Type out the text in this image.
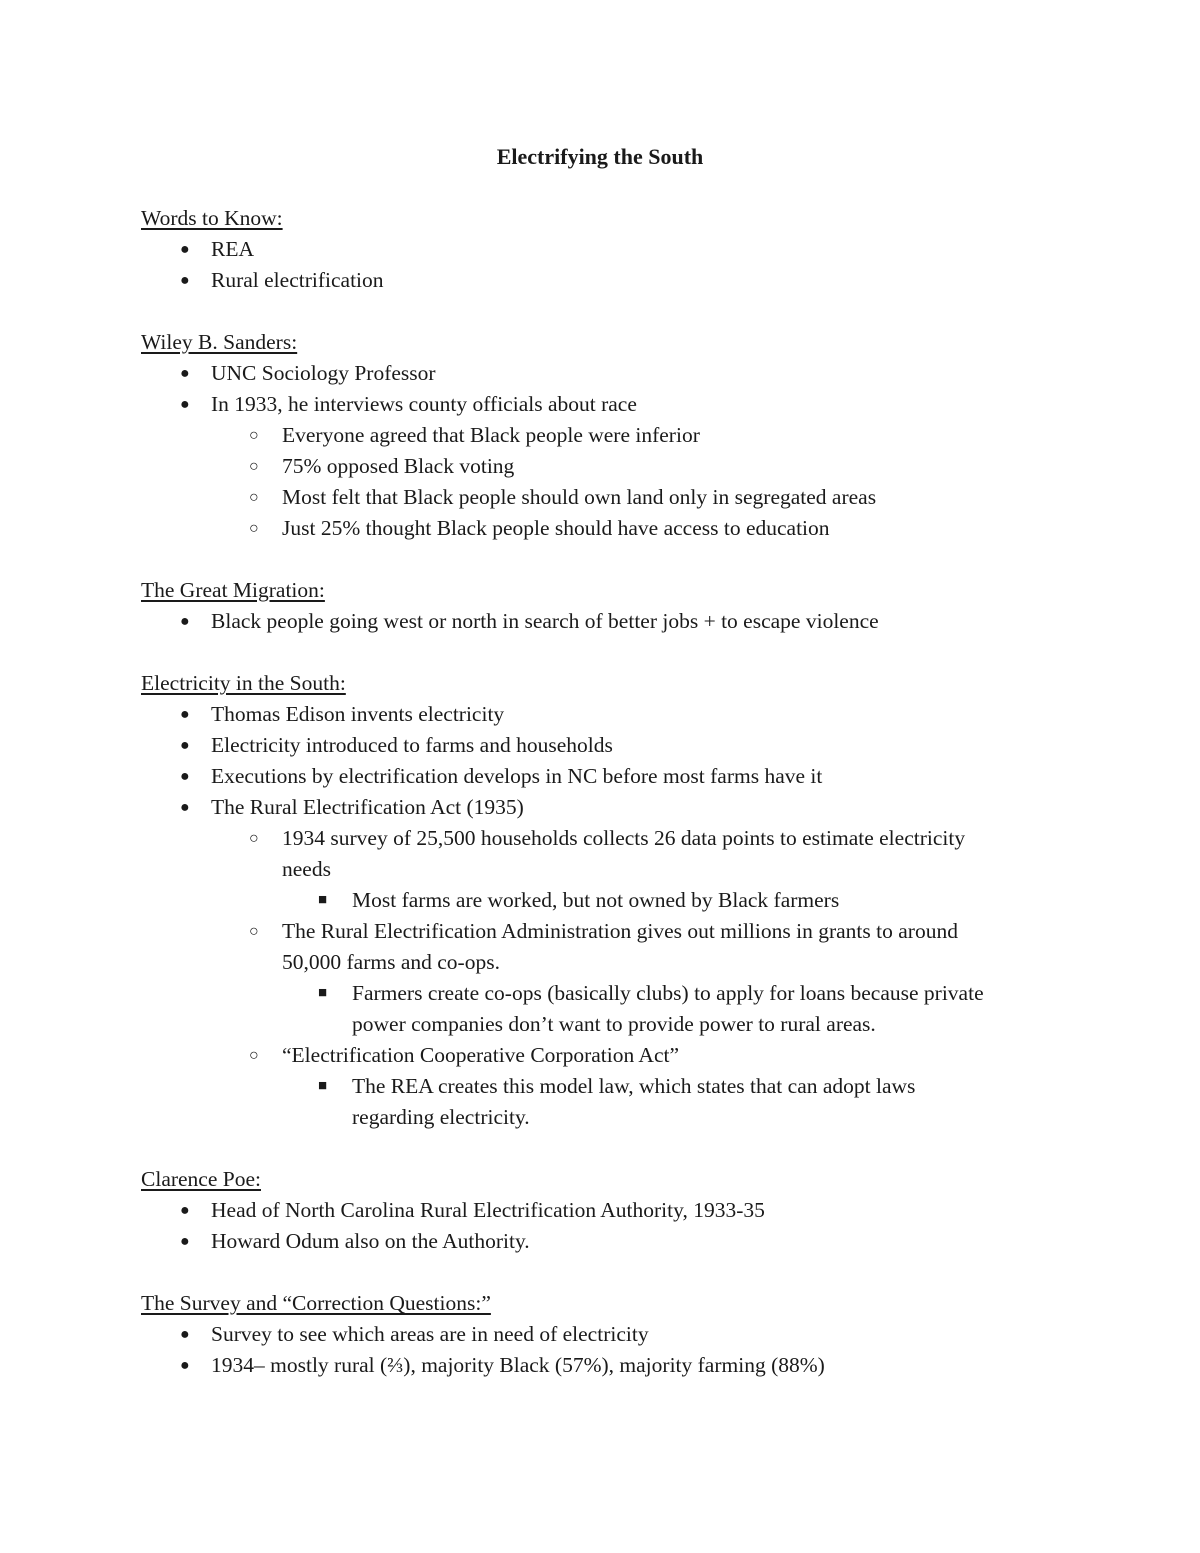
Electrifying the South
Words to Know:
● REA
● Rural electrification
Wiley B. Sanders:
● UNC Sociology Professor
● In 1933, he interviews county officials about race
○ Everyone agreed that Black people were inferior
○ 75% opposed Black voting
○ Most felt that Black people should own land only in segregated areas
○ Just 25% thought Black people should have access to education
The Great Migration:
● Black people going west or north in search of better jobs + to escape violence
Electricity in the South:
● Thomas Edison invents electricity
● Electricity introduced to farms and households
● Executions by electrification develops in NC before most farms have it
● The Rural Electrification Act (1935)
○ 1934 survey of 25,500 households collects 26 data points to estimate electricity
needs
■ Most farms are worked, but not owned by Black farmers
○ The Rural Electrification Administration gives out millions in grants to around
50,000 farms and co-ops.
■ Farmers create co-ops (basically clubs) to apply for loans because private
power companies don’t want to provide power to rural areas.
○ “Electrification Cooperative Corporation Act”
■ The REA creates this model law, which states that can adopt laws
regarding electricity.
Clarence Poe:
● Head of North Carolina Rural Electrification Authority, 1933-35
● Howard Odum also on the Authority.
The Survey and “Correction Questions:”
● Survey to see which areas are in need of electricity
● 1934– mostly rural (⅔), majority Black (57%), majority farming (88%)
